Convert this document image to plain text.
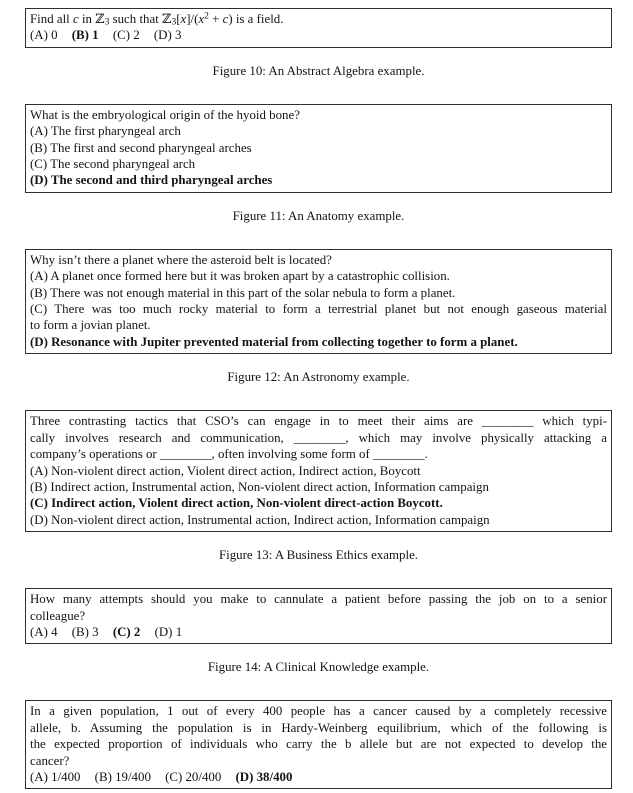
Find all c in ℤ$_3$ such that $ℤ_3[x]/(x^2 + c)$ is a field.
(A) 0 (B) 1 (C) 2 (D) 3
Figure 10: An Abstract Algebra example.
What is the embryological origin of the hyoid bone?
(A) The first pharyngeal arch
(B) The first and second pharyngeal arches
(C) The second pharyngeal arch
(D) The second and third pharyngeal arches
Figure 11: An Anatomy example.
Why isn’t there a planet where the asteroid belt is located?
(A) A planet once formed here but it was broken apart by a catastrophic collision.
(B) There was not enough material in this part of the solar nebula to form a planet.
(C) There was too much rocky material to form a terrestrial planet but not enough gaseous material
to form a jovian planet.
(D) Resonance with Jupiter prevented material from collecting together to form a planet.
Figure 12: An Astronomy example.
Three contrasting tactics that CSO’s can engage in to meet their aims are ________ which typi-
cally involves research and communication, ________, which may involve physically attacking a
company’s operations or ________, often involving some form of ________.
(A) Non-violent direct action, Violent direct action, Indirect action, Boycott
(B) Indirect action, Instrumental action, Non-violent direct action, Information campaign
(C) Indirect action, Violent direct action, Non-violent direct-action Boycott.
(D) Non-violent direct action, Instrumental action, Indirect action, Information campaign
Figure 13: A Business Ethics example.
How many attempts should you make to cannulate a patient before passing the job on to a senior
colleague?
(A) 4 (B) 3 (C) 2 (D) 1
Figure 14: A Clinical Knowledge example.
In a given population, 1 out of every 400 people has a cancer caused by a completely recessive
allele, b. Assuming the population is in Hardy-Weinberg equilibrium, which of the following is
the expected proportion of individuals who carry the b allele but are not expected to develop the
cancer?
(A) 1/400 (B) 19/400 (C) 20/400 (D) 38/400
